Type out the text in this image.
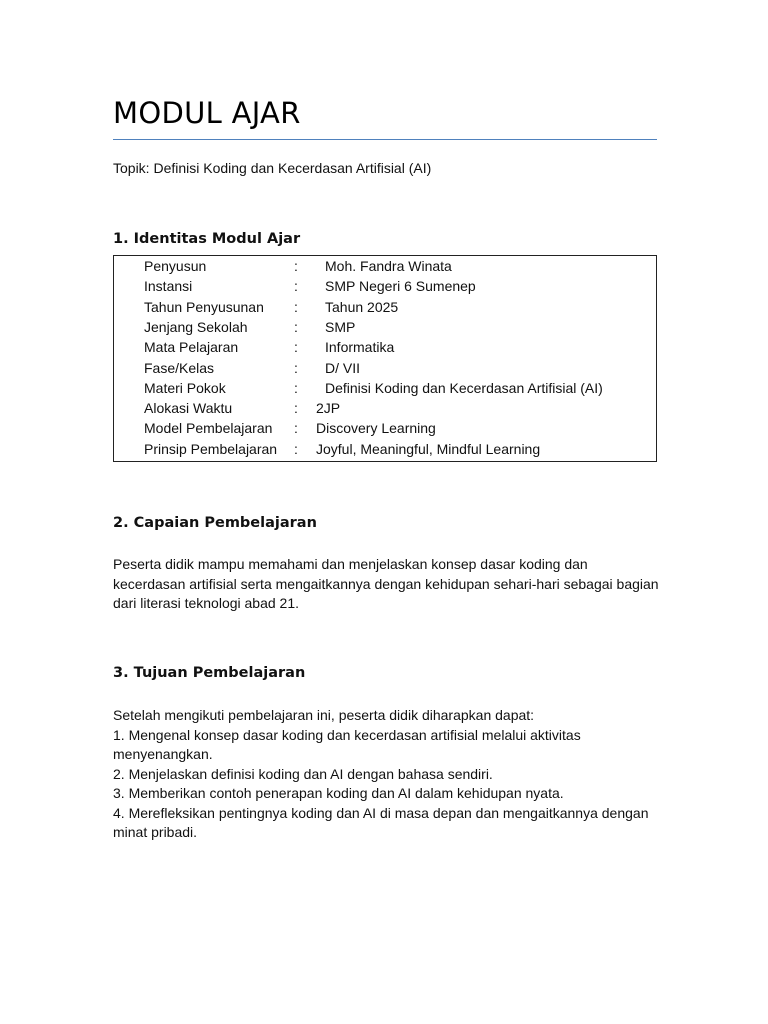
MODUL AJAR
Topik: Definisi Koding dan Kecerdasan Artifisial (AI)
1. Identitas Modul Ajar
Penyusun	: Moh. Fandra Winata
Instansi	: SMP Negeri 6 Sumenep
Tahun Penyusunan : Tahun 2025
Jenjang Sekolah	: SMP
Mata Pelajaran	: Informatika
Fase/Kelas	: D/ VII
Materi Pokok	: Definisi Koding dan Kecerdasan Artifisial (AI)
Alokasi Waktu	: 2JP
Model Pembelajaran : Discovery Learning
Prinsip Pembelajaran : Joyful, Meaningful, Mindful Learning
2. Capaian Pembelajaran
Peserta didik mampu memahami dan menjelaskan konsep dasar koding dan
kecerdasan artifisial serta mengaitkannya dengan kehidupan sehari-hari sebagai bagian
dari literasi teknologi abad 21.
3. Tujuan Pembelajaran
Setelah mengikuti pembelajaran ini, peserta didik diharapkan dapat:
1. Mengenal konsep dasar koding dan kecerdasan artifisial melalui aktivitas
menyenangkan.
2. Menjelaskan definisi koding dan AI dengan bahasa sendiri.
3. Memberikan contoh penerapan koding dan AI dalam kehidupan nyata.
4. Merefleksikan pentingnya koding dan AI di masa depan dan mengaitkannya dengan
minat pribadi.
